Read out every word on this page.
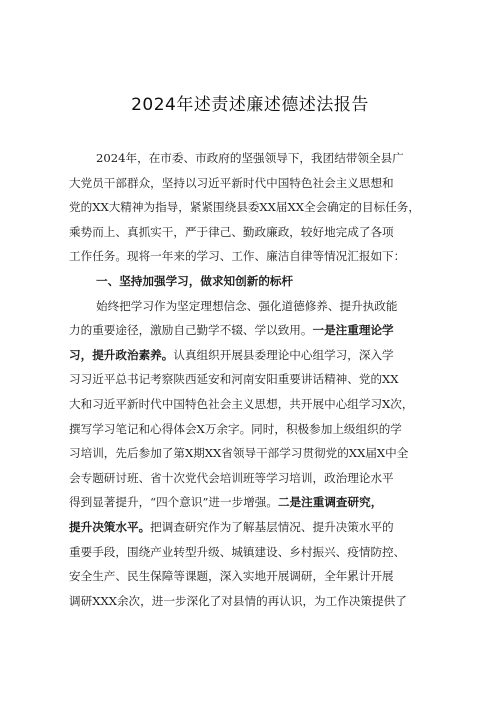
2024年述责述廉述德述法报告
2024年，在市委、市政府的坚强领导下，我团结带领全县广
大党员干部群众，坚持以习近平新时代中国特色社会主义思想和
党的XX大精神为指导，紧紧围绕县委XX届XX全会确定的目标任务，
乘势而上、真抓实干，严于律己、勤政廉政，较好地完成了各项
工作任务。现将一年来的学习、工作、廉洁自律等情况汇报如下：
一、坚持加强学习，做求知创新的标杆
始终把学习作为坚定理想信念、强化道德修养、提升执政能
力的重要途径，激励自己勤学不辍、学以致用。一是注重理论学
习，提升政治素养。认真组织开展县委理论中心组学习，深入学
习习近平总书记考察陕西延安和河南安阳重要讲话精神、党的XX
大和习近平新时代中国特色社会主义思想，共开展中心组学习X次，
撰写学习笔记和心得体会X万余字。同时，积极参加上级组织的学
习培训，先后参加了第X期XX省领导干部学习贯彻党的XX届X中全
会专题研讨班、省十次党代会培训班等学习培训，政治理论水平
得到显著提升，“四个意识”进一步增强。二是注重调查研究，
提升决策水平。把调查研究作为了解基层情况、提升决策水平的
重要手段，围绕产业转型升级、城镇建设、乡村振兴、疫情防控、
安全生产、民生保障等课题，深入实地开展调研，全年累计开展
调研XXX余次，进一步深化了对县情的再认识，为工作决策提供了
